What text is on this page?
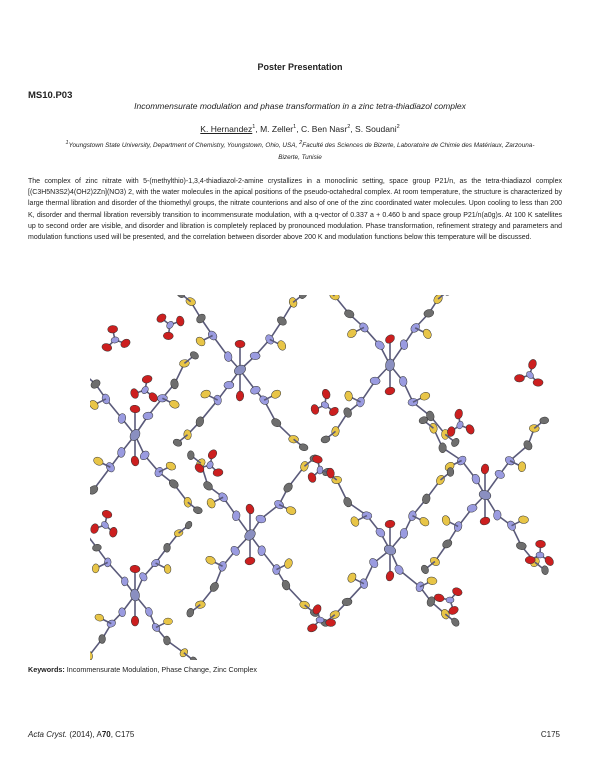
Poster Presentation
MS10.P03
Incommensurate modulation and phase transformation in a zinc tetra-thiadiazol complex
K. Hernandez$^1$, M. Zeller$^1$, C. Ben Nasr$^2$, S. Soudani$^2$
$^1$Youngstown State University, Department of Chemistry, Youngstown, Ohio, USA, $^2$Faculté des Sciences de Bizerte, Laboratoire de Chimie des Matériaux, Zarzouna-Bizerte, Tunisie

The complex of zinc nitrate with 5-(methylthio)-1,3,4-thiadiazol-2-amine crystallizes in a monoclinic setting, space group P21/n, as the tetra-thiadiazol complex [(C3H5N3S2)4(OH2)2Zn](NO3) 2, with the water molecules in the apical positions of the pseudo-octahedral complex. At room temperature, the structure is characterized by large thermal libration and disorder of the thiomethyl groups, the nitrate counterions and also of one of the zinc coordinated water molecules. Upon cooling to less than 200 K, disorder and thermal libration reversibly transition to incommensurate modulation, with a q-vector of 0.337 a + 0.460 b and space group P21/n(a0g)s. At 100 K satellites up to second order are visible, and disorder and libration is completely replaced by pronounced modulation. Phase transformation, refinement strategy and parameters and modulation functions used will be presented, and the correlation between disorder above 200 K and modulation functions below this temperature will be discussed.

Keywords: Incommensurate Modulation, Phase Change, Zinc Complex
Acta Cryst. (2014), A70, C175	C175
